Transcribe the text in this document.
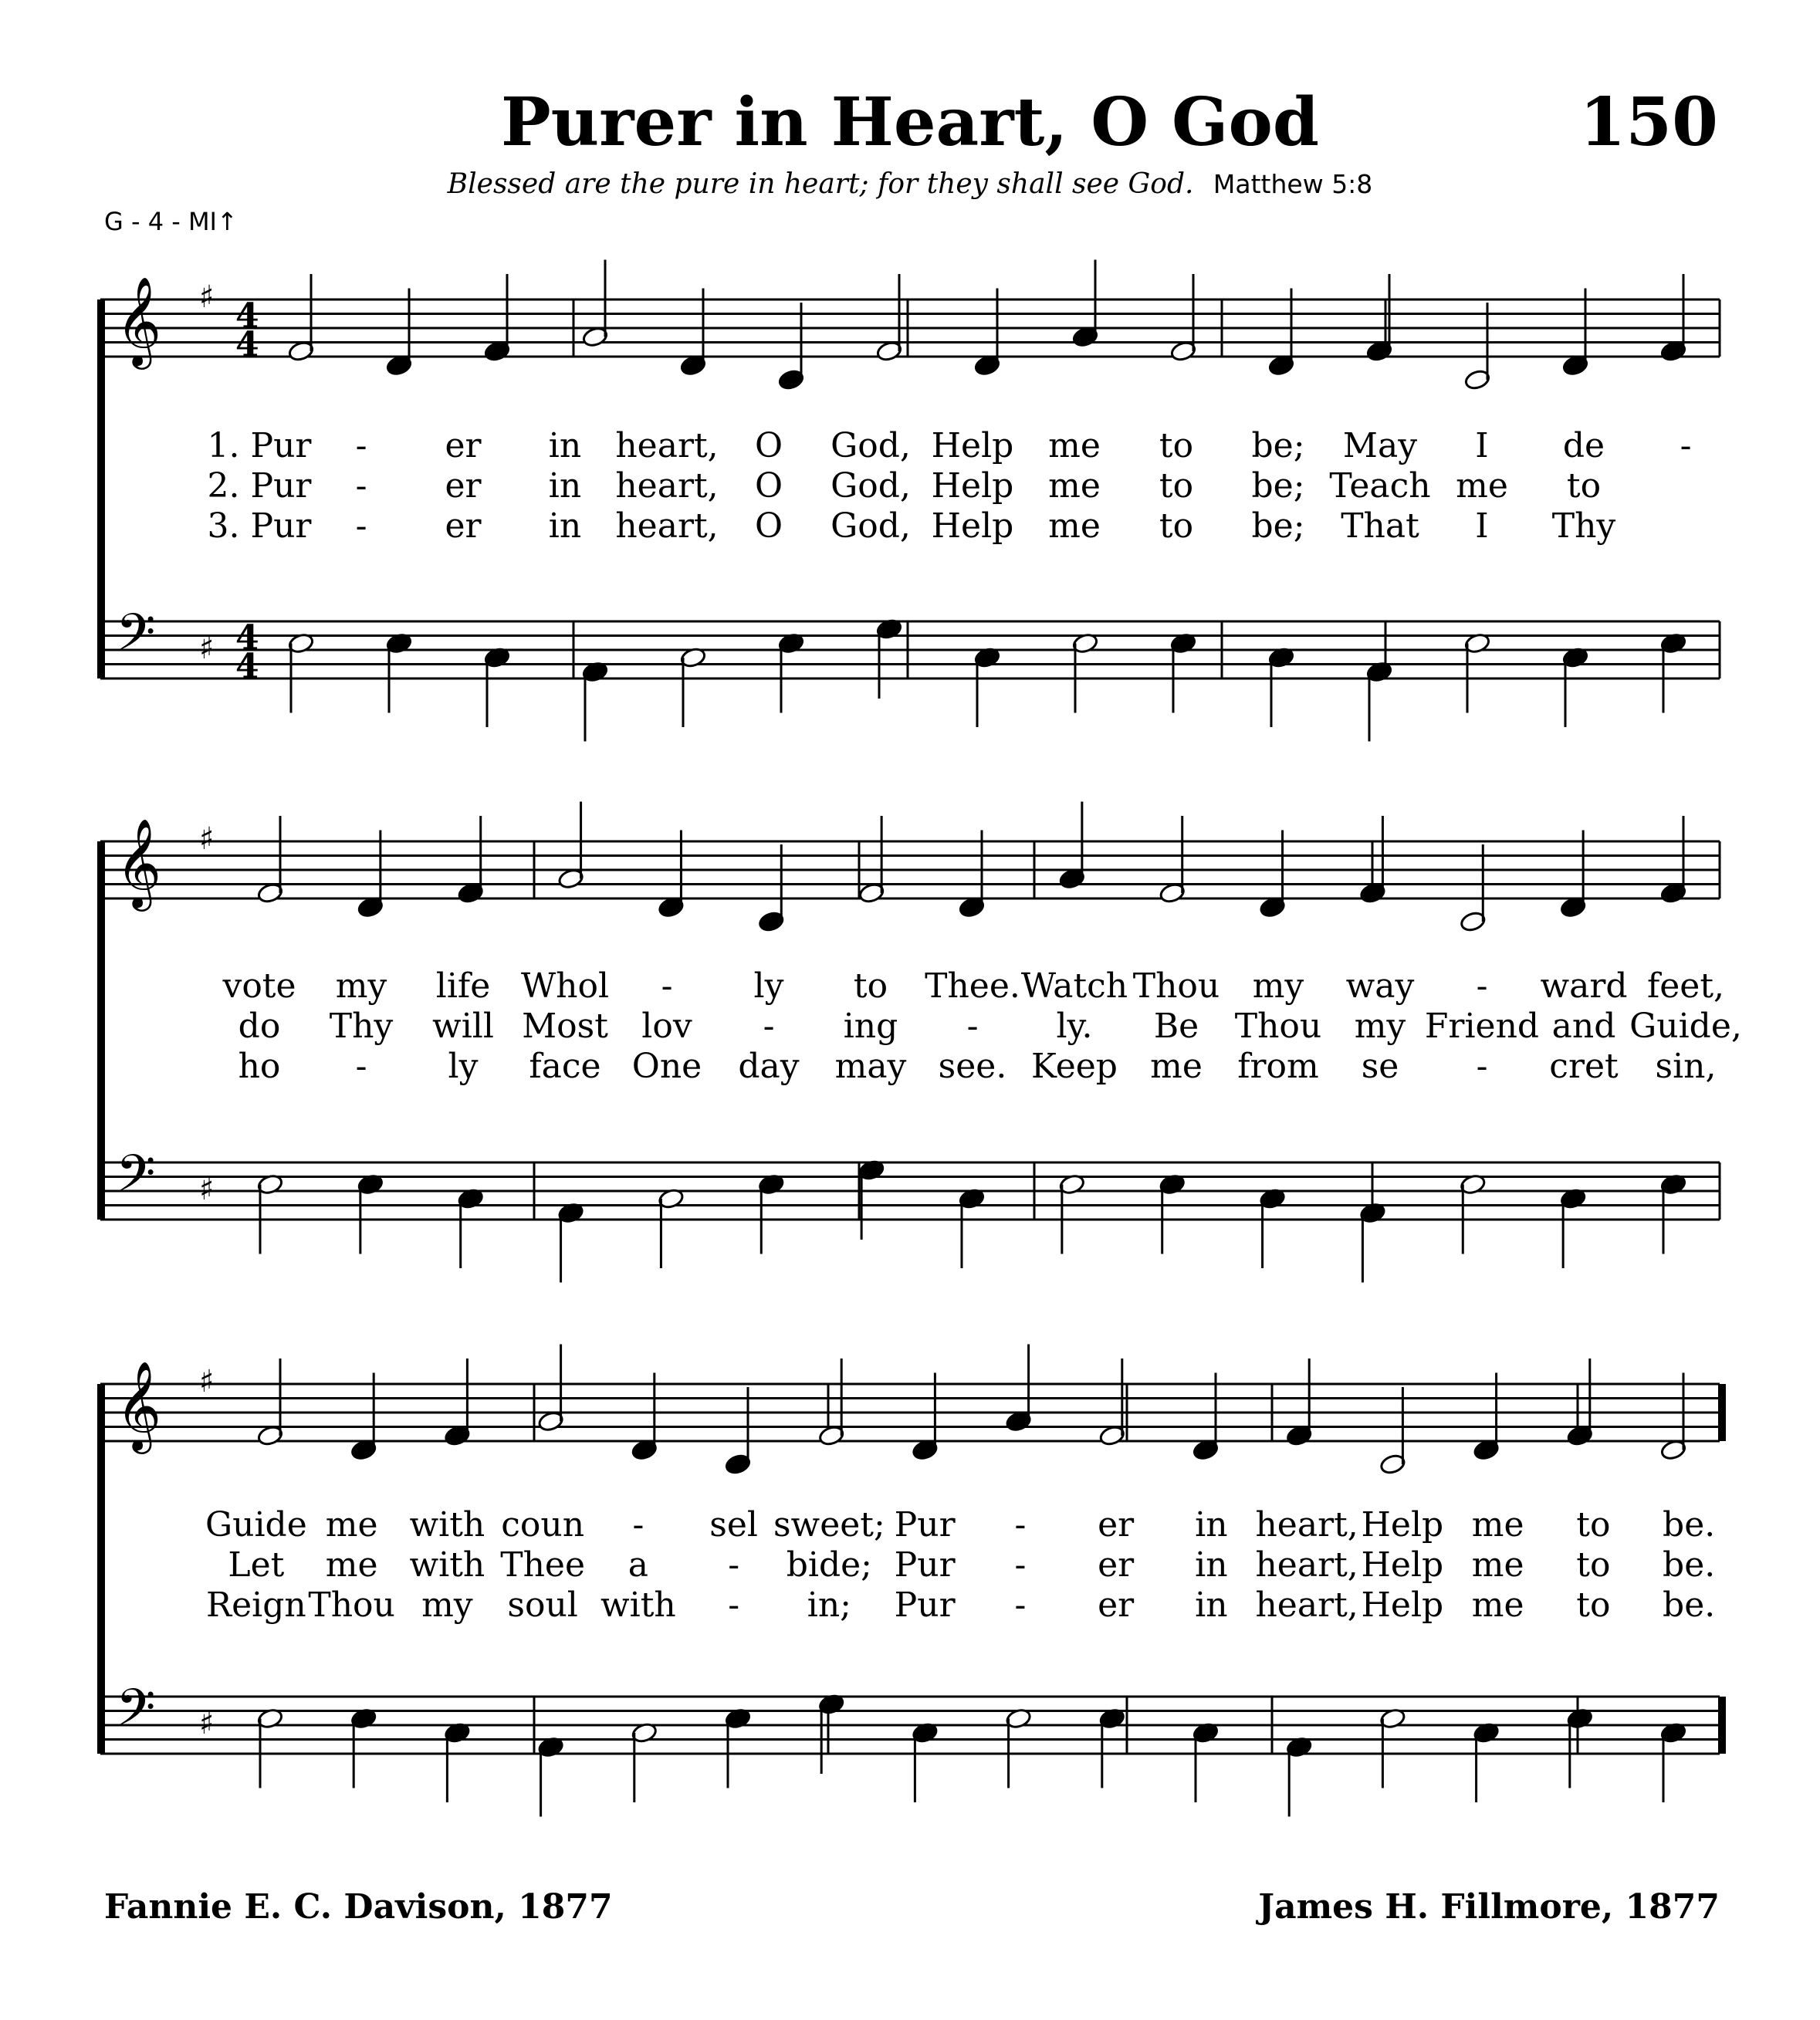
Purer in Heart, O God	150
Blessed are the pure in heart; for they shall see God. Matthew 5:8
G - 4 - MI↑
𝄞
𝄢
♯
♯
4
4
4
4
𝄞
𝄢
♯
♯
𝄞
𝄢
♯
♯
1. Pur - er in heart, O God, Help me to be; May I de -
2. Pur - er in heart, O God, Help me to be; Teach me to
3. Pur - er in heart, O God, Help me to be; That I Thy
vote my life Whol - ly to Thee. Watch Thou my way - ward feet,
do Thy will Most lov - ing - ly. Be Thou my Friend and Guide,
ho - ly face One day may see. Keep me from se - cret sin,
Guide me with coun - sel sweet; Pur - er in heart, Help me to be.
Let me with Thee a - bide; Pur - er in heart, Help me to be.
Reign Thou my soul with - in; Pur - er in heart, Help me to be.
Fannie E. C. Davison, 1877	James H. Fillmore, 1877
